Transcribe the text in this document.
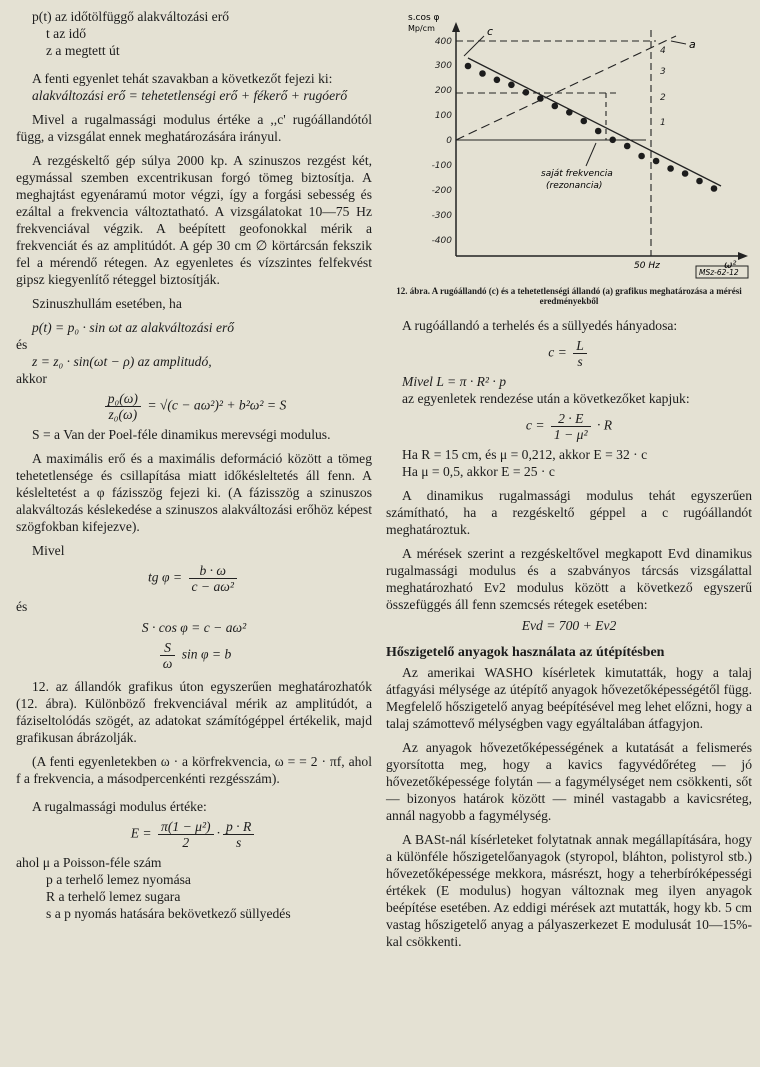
p(t) az időtölfüggő alakváltozási erő
t az idő
z a megtett út

A fenti egyenlet tehát szavakban a következőt fejezi ki:

alakváltozási erő = tehetetlenségi erő + fékerő + rugóerő

Mivel a rugalmassági modulus értéke a ,,c' rugóállandótól függ, a vizsgálat ennek meghatározására irányul.

A rezgéskeltő gép súlya 2000 kp. A szinuszos rezgést két, egymással szemben excentrikusan forgó tömeg biztosítja. A meghajtást egyenáramú motor végzi, így a forgási sebesség és ezáltal a frekvencia változtatható. A vizsgálatokat 10—75 Hz frekvenciával végzik. A beépített geofonokkal mérik a frekvenciát és az amplitúdót. A gép 30 cm ∅ körtárcsán fekszik fel a mérendő rétegen. Az egyenletes és vízszintes felfekvést gipsz kiegyenlítő réteggel biztosítják.

Szinuszhullám esetében, ha

p(t) = p₀ · sin ωt az alakváltozási erő

és

z = z₀ · sin(ωt − ρ) az amplitudó,

akkor

$\frac{\text{p₀(ω)}}{\text{z₀(ω)}} = √(c - a\omega^2)^2 + b^2\omega^2 = S$

S = a Van der Poel-féle dinamikus merevségi modulus.

A maximális erő és a maximális deformáció között a tömeg tehetetlensége és csillapítása miatt időkésleltetés áll fenn. A késleltetést a φ fázisszög fejezi ki. (A fázisszög a szinuszos alakváltozás késlekedése a szinuszos alakváltozási erőhöz képest szögfokban kifejezve).

Mivel

tg $\varphi = \frac{b \cdot \omega}{\text{c − aω²}}$

és

S · cos φ = c − aω²
$\frac{S}{\omega}$ sin φ = b

12. az állandók grafikus úton egyszerűen meghatározhatók (12. ábra). Különböző frekvenciával mérik az amplitúdót, a fáziseltolódás szögét, az adatokat számítógéppel értékelik, majd grafikusan ábrázolják.

(A fenti egyenletekben ω · a körfrekvencia, ω = = 2 · πf, ahol f a frekvencia, a másodpercenkénti rezgésszám).

A rugalmassági modulus értéke:

$E = \frac{\text{π(1 − μ²)}}{2} \cdot \frac{p \cdot R}{s}$
ahol μ a Poisson-féle szám
p a terhelő lemez nyomása
R a terhelő lemez sugara
s a p nyomás hatására bekövetkező süllyedés
s.cos φ
Mp/cm
400
300
200
100
0
-100
-200
-300
-400
4
3
2
1
c
a
saját frekvencia
(rezonancia)
50 Hz	ω²
MSz-62-12
12. ábra. A rugóállandó (c) és a tehetetlenségi állandó (a) grafikus meghatározása a mérési eredményekből

A rugóállandó a terhelés és a süllyedés hányadosa:

$c = \frac{L}{s}$

Mivel L = π · R² · p

az egyenletek rendezése után a következőket kapjuk:

$c = \frac{2 \cdot E}{\text{1 − μ²}} \cdot R$

Ha R = 15 cm, és μ = 0,212, akkor E = 32 · c

Ha μ = 0,5, akkor E = 25 · c

A dinamikus rugalmassági modulus tehát egyszerűen számítható, ha a rezgéskeltő géppel a c rugóállandót meghatároztuk.

A mérések szerint a rezgéskeltővel megkapott Evd dinamikus rugalmassági modulus és a szabványos tárcsás vizsgálattal meghatározható Ev2 modulus között a következő egyszerű összefüggés áll fenn szemcsés rétegek esetében:

Evd = 700 + Ev2
Hőszigetelő anyagok használata az útépítésben

Az amerikai WASHO kísérletek kimutatták, hogy a talaj átfagyási mélysége az útépítő anyagok hővezetőképességétől függ. Megfelelő hőszigetelő anyag beépítésével meg lehet előzni, hogy a talaj számottevő mélységben vagy egyáltalában átfagyjon.

Az anyagok hővezetőképességének a kutatását a felismerés gyorsította meg, hogy a kavics fagyvédőréteg — jó hővezetőképessége folytán — a fagymélységet nem csökkenti, sőt — bizonyos határok között — minél vastagabb a kavicsréteg, annál nagyobb a fagymélység.

A BASt-nál kísérleteket folytatnak annak megállapítására, hogy a különféle hőszigetelőanyagok (styropol, bláhton, polistyrol stb.) hővezetőképessége mekkora, másrészt, hogy a teherbíróképességi értékek (E modulus) hogyan változnak meg ilyen anyagok beépítése esetében. Az eddigi mérések azt mutatták, hogy kb. 5 cm vastag hőszigetelő anyag a pályaszerkezet E modulusát 10—15%-kal csökkenti.
